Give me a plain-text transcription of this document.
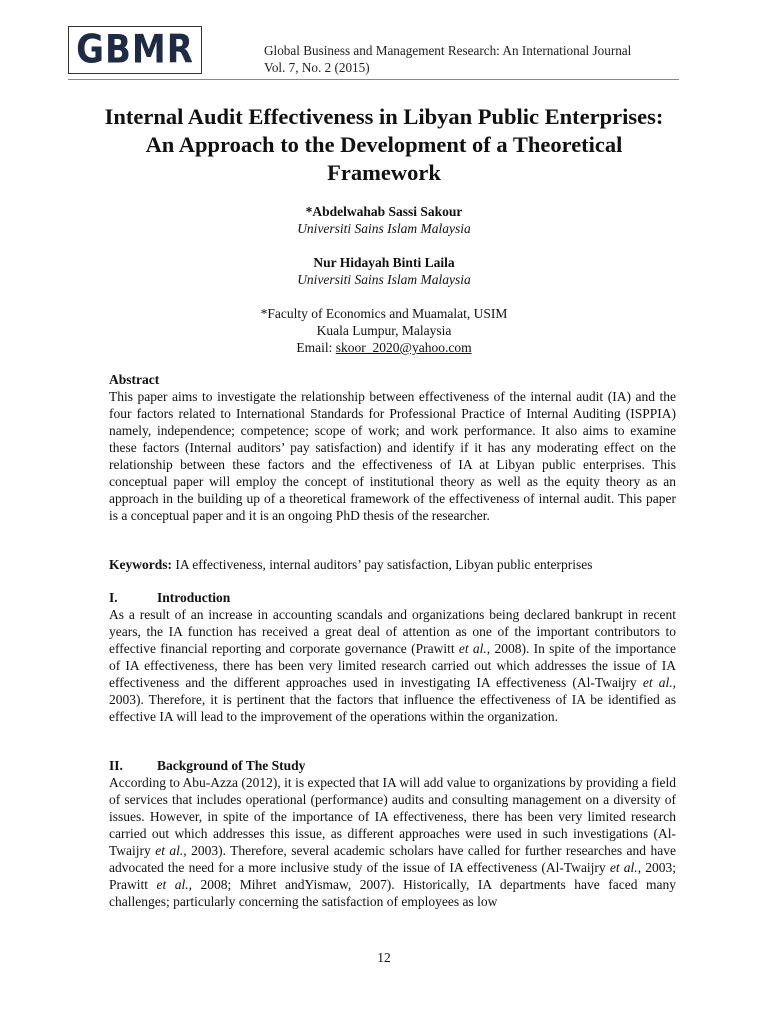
GBMR	Global Business and Management Research: An International Journal
Vol. 7, No. 2 (2015)
Internal Audit Effectiveness in Libyan Public Enterprises: An Approach to the Development of a Theoretical Framework
*Abdelwahab Sassi Sakour
Universiti Sains Islam Malaysia
Nur Hidayah Binti Laila
Universiti Sains Islam Malaysia
*Faculty of Economics and Muamalat, USIM
Kuala Lumpur, Malaysia
Email: skoor_2020@yahoo.com
Abstract
This paper aims to investigate the relationship between effectiveness of the internal audit (IA) and the four factors related to International Standards for Professional Practice of Internal Auditing (ISPPIA) namely, independence; competence; scope of work; and work performance. It also aims to examine these factors (Internal auditors’ pay satisfaction) and identify if it has any moderating effect on the relationship between these factors and the effectiveness of IA at Libyan public enterprises. This conceptual paper will employ the concept of institutional theory as well as the equity theory as an approach in the building up of a theoretical framework of the effectiveness of internal audit. This paper is a conceptual paper and it is an ongoing PhD thesis of the researcher.
Keywords: IA effectiveness, internal auditors’ pay satisfaction, Libyan public enterprises
I.	Introduction
As a result of an increase in accounting scandals and organizations being declared bankrupt in recent years, the IA function has received a great deal of attention as one of the important contributors to effective financial reporting and corporate governance (Prawitt et al., 2008). In spite of the importance of IA effectiveness, there has been very limited research carried out which addresses the issue of IA effectiveness and the different approaches used in investigating IA effectiveness (Al-Twaijry et al., 2003). Therefore, it is pertinent that the factors that influence the effectiveness of IA be identified as effective IA will lead to the improvement of the operations within the organization.
II.	Background of The Study
According to Abu-Azza (2012), it is expected that IA will add value to organizations by providing a field of services that includes operational (performance) audits and consulting management on a diversity of issues. However, in spite of the importance of IA effectiveness, there has been very limited research carried out which addresses this issue, as different approaches were used in such investigations (Al-Twaijry et al., 2003). Therefore, several academic scholars have called for further researches and have advocated the need for a more inclusive study of the issue of IA effectiveness (Al-Twaijry et al., 2003; Prawitt et al., 2008; Mihret andYismaw, 2007). Historically, IA departments have faced many challenges; particularly concerning the satisfaction of employees as low
12
